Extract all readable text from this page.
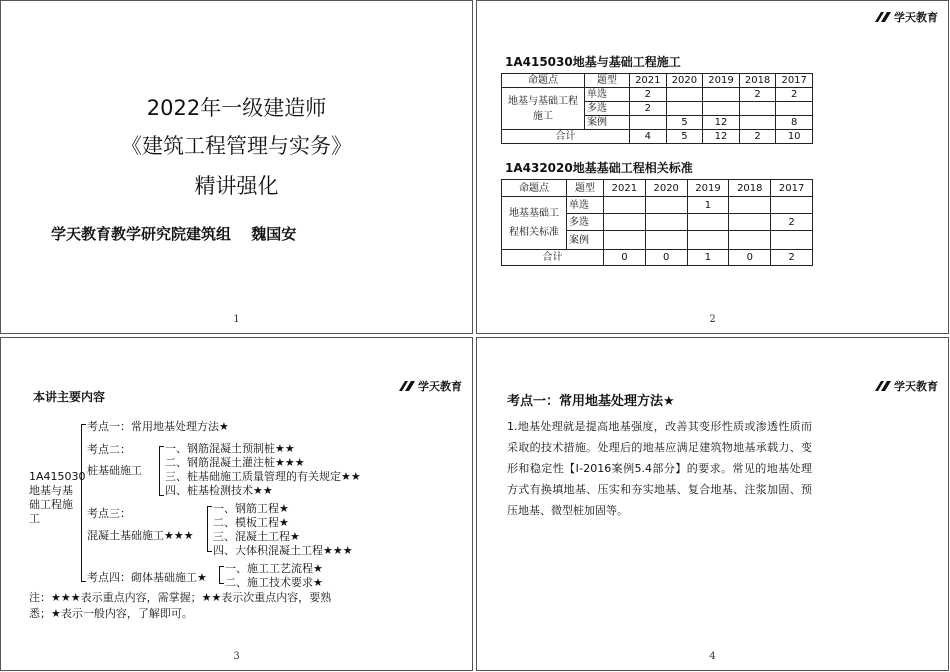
2022年一级建造师
《建筑工程管理与实务》
精讲强化
学天教育教学研究院建筑组　 魏国安
1
学天教育
1A415030地基与基础工程施工
命题点	题型	2021	2020	2019	2018	2017
地基与基础工程施工	单选	2			2	2
	多选	2				
	案例		5	12		8
合计		4	5	12	2	10
1A432020地基基础工程相关标准
命题点	题型	2021	2020	2019	2018	2017
地基基础工程相关标准	单选			1		
	多选					2
	案例					
合计		0	0	1	0	2
2
学天教育
本讲主要内容
1A415030
地基与基
础工程施
工
考点一：常用地基处理方法★
考点二：
桩基础施工
一、钢筋混凝土预制桩★★
二、钢筋混凝土灌注桩★★★
三、桩基础施工质量管理的有关规定★★
四、桩基检测技术★★
考点三：
混凝土基础施工★★★
一、钢筋工程★
二、模板工程★
三、混凝土工程★
四、大体积混凝土工程★★★
考点四：砌体基础施工★
一、施工工艺流程★
二、施工技术要求★
注：★★★表示重点内容，需掌握；★★表示次重点内容，要熟悉；★表示一般内容，了解即可。
3
学天教育
考点一：常用地基处理方法★
1.地基处理就是提高地基强度，改善其变形性质或渗透性质而采取的技术措施。处理后的地基应满足建筑物地基承载力、变形和稳定性【Ⅰ-2016案例5.4部分】的要求。常见的地基处理方式有换填地基、压实和夯实地基、复合地基、注浆加固、预压地基、微型桩加固等。
4
